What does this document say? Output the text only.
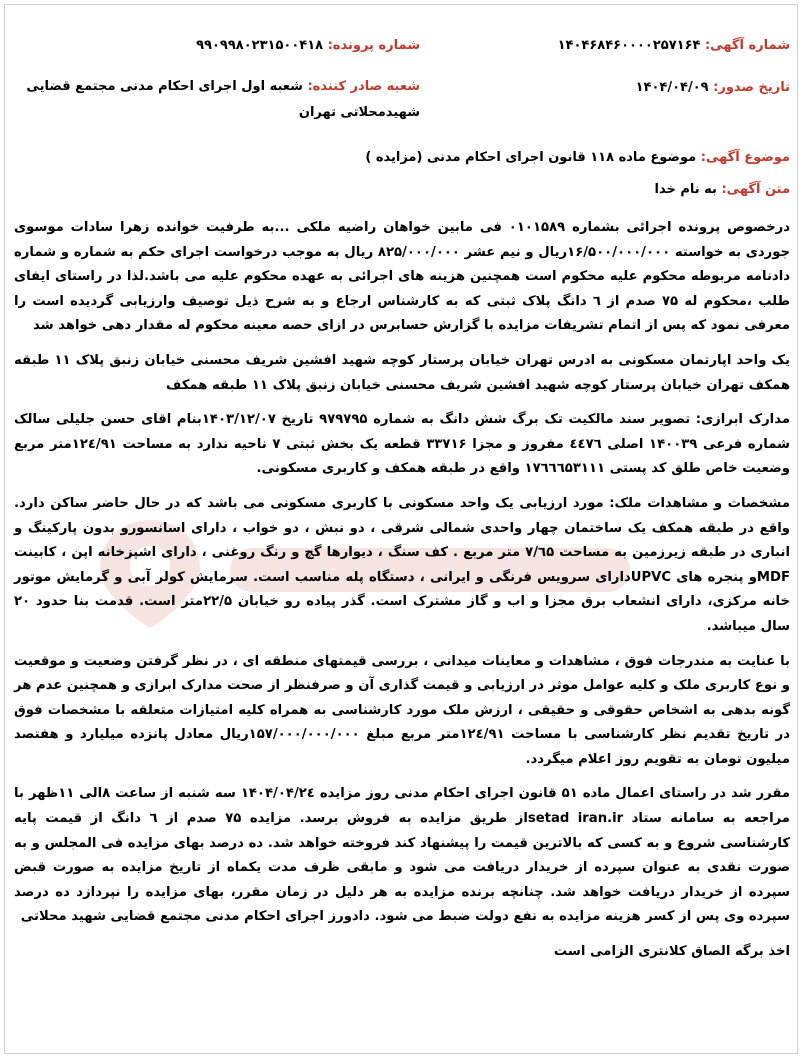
شماره آگهی: ۱۴۰۴۶۸۴۶۰۰۰۰۲۵۷۱۶۴
شماره پرونده: ۹۹۰۹۹۸۰۲۳۱۵۰۰۴۱۸
تاریخ صدور: ۱۴۰۴/۰۴/۰۹
شعبه صادر کننده: شعبه اول اجرای احکام مدنی مجتمع قضایی شهیدمحلاتی تهران
موضوع آگهی: موضوع ماده ۱۱۸ قانون اجرای احکام مدنی (مزایده )
متن آگهی: به نام خدا

درخصوص پرونده اجرائی بشماره ۰۱۰۱۵۸۹ فی مابین خواهان راضیه ملکی ...به طرفیت خوانده زهرا سادات موسوی جوردی به خواسته ۱۶/۵۰۰/۰۰۰/۰۰۰ریال و نیم عشر ۸۲۵/۰۰۰/۰۰۰ ریال به موجب درخواست اجرای حکم به شماره و شماره دادنامه مربوطه محکوم علیه محکوم است همچنین هزینه های اجرائی به عهده محکوم علیه می باشد.لذا در راستای ایفای طلب ،محکوم له ۷۵ صدم از ٦ دانگ پلاک ثبتی که به کارشناس ارجاع و به شرح ذیل توصیف وارزیابی گردیده است را معرفی نمود که پس از اتمام تشریفات مزایده با گزارش حسابرس در ازای حصه معینه محکوم له مقدار دهی خواهد شد

یک واحد اپارتمان مسکونی به ادرس تهران خیابان پرستار کوچه شهید افشین شریف محسنی خیابان زنبق پلاک ۱۱ طبقه همکف تهران خیابان پرستار کوچه شهید افشین شریف محسنی خیابان زنبق پلاک ۱۱ طبقه همکف

مدارک ابرازی: تصویر سند مالکیت تک برگ شش دانگ به شماره ۹۷۹۷۹۵ تاریخ ۱۴۰۳/۱۲/۰۷بنام اقای حسن جلیلی سالک شماره فرعی ۱۴۰۰۳۹ اصلی ٤٤٧٦ مفروز و مجزا ۳۳۷۱۶ قطعه یک بخش ثبتی ۷ ناحیه ندارد به مساحت ۱۲٤/۹۱متر مربع وضعیت خاص طلق کد پستی ۱۷٦٦٦۵۳۱۱۱ واقع در طبقه همکف و کاربری مسکونی.

مشخصات و مشاهدات ملک: مورد ارزیابی یک واحد مسکونی با کاربری مسکونی می باشد که در حال حاضر ساکن دارد. واقع در طبقه همکف یک ساختمان چهار واحدی شمالی شرقی ، دو نبش ، دو خواب ، دارای اسانسورو بدون پارکینگ و انباری در طبقه زیرزمین به مساحت ۷/٦۵ متر مربع . کف سنگ ، دیوارها گچ و رنگ روغنی ، دارای اشپزخانه اپن ، کابینت MDFو پنجره های UPVCدارای سرویس فرنگی و ایرانی ، دستگاه پله مناسب است. سرمایش کولر آبی و گرمایش موتور خانه مرکزی، دارای انشعاب برق مجزا و اب و گاز مشترک است. گذر پیاده رو خیابان ۲۲/۵متر است. قدمت بنا حدود ۲۰ سال میباشد.

با عنایت به مندرجات فوق ، مشاهدات و معاینات میدانی ، بررسی قیمتهای منطقه ای ، در نظر گرفتن وضعیت و موقعیت و نوع کاربری ملک و کلیه عوامل موثر در ارزیابی و قیمت گذاری آن و صرفنظر از صحت مدارک ابرازی و همچنین عدم هر گونه بدهی به اشخاص حقوقی و حقیقی ، ارزش ملک مورد کارشناسی به همراه کلیه امتیازات متعلقه با مشخصات فوق در تاریخ تقدیم نظر کارشناسی با مساحت ۱۲٤/۹۱متر مربع مبلغ ۱۵۷/۰۰۰/۰۰۰/۰۰۰ریال معادل پانزده میلیارد و هفتصد میلیون تومان به تقویم روز اعلام میگردد.

مقرر شد در راستای اعمال ماده ۵۱ قانون اجرای احکام مدنی روز مزایده ۱۴۰۴/۰۴/۲٤ سه شنبه از ساعت ۸الی ۱۱ظهر با مراجعه به سامانه ستاد setad iran.irاز طریق مزایده به فروش برسد. مزایده ۷۵ صدم از ٦ دانگ از قیمت پایه کارشناسی شروع و به کسی که بالاترین قیمت را پیشنهاد کند فروخته خواهد شد. ده درصد بهای مزایده فی المجلس و به صورت نقدی به عنوان سپرده از خریدار دریافت می شود و مابقی ظرف مدت یکماه از تاریخ مزایده به صورت قبض سپرده از خریدار دریافت خواهد شد. چنانچه برنده مزایده به هر دلیل در زمان مقرر، بهای مزایده را نپردازد ده درصد سپرده وی پس از کسر هزینه مزایده به نفع دولت ضبط می شود. دادورز اجرای احکام مدنی مجتمع قضایی شهید محلاتی

اخذ برگه الصاق کلانتری الزامی است
